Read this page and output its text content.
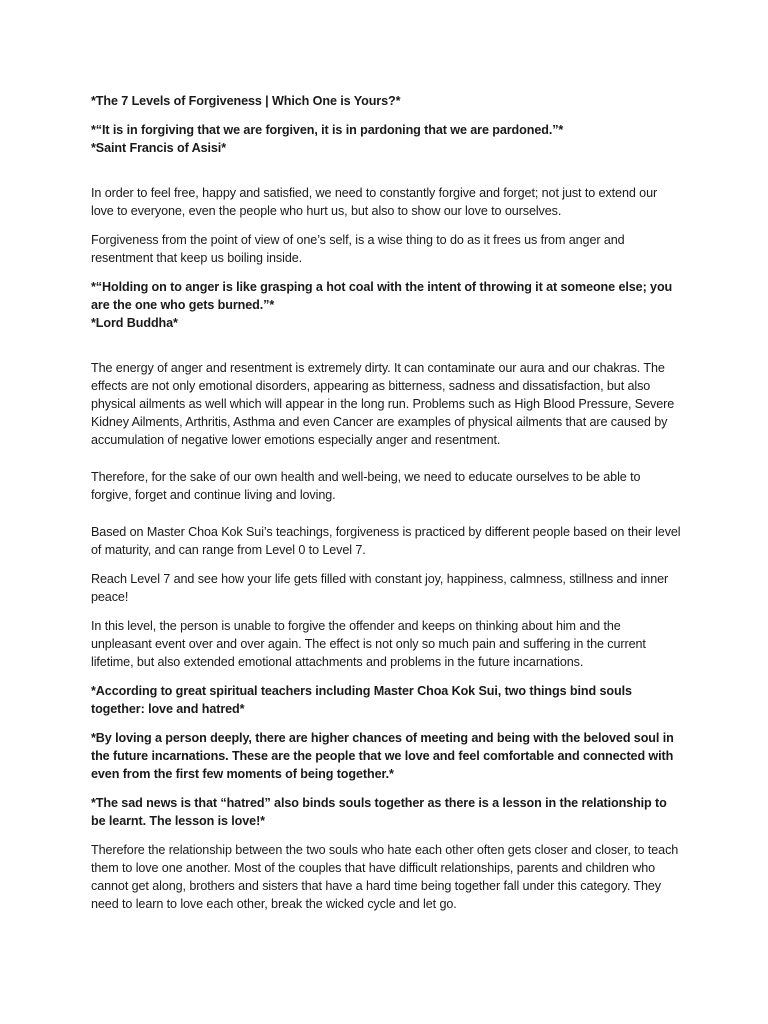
*The 7 Levels of Forgiveness | Which One is Yours?*

*“It is in forgiving that we are forgiven, it is in pardoning that we are pardoned.”*
*Saint Francis of Asisi*

In order to feel free, happy and satisfied, we need to constantly forgive and forget; not just to extend our love to everyone, even the people who hurt us, but also to show our love to ourselves.

Forgiveness from the point of view of one’s self, is a wise thing to do as it frees us from anger and resentment that keep us boiling inside.

*“Holding on to anger is like grasping a hot coal with the intent of throwing it at someone else; you are the one who gets burned.”*
*Lord Buddha*

The energy of anger and resentment is extremely dirty. It can contaminate our aura and our chakras. The effects are not only emotional disorders, appearing as bitterness, sadness and dissatisfaction, but also physical ailments as well which will appear in the long run. Problems such as High Blood Pressure, Severe Kidney Ailments, Arthritis, Asthma and even Cancer are examples of physical ailments that are caused by accumulation of negative lower emotions especially anger and resentment.

Therefore, for the sake of our own health and well-being, we need to educate ourselves to be able to forgive, forget and continue living and loving.

Based on Master Choa Kok Sui’s teachings, forgiveness is practiced by different people based on their level of maturity, and can range from Level 0 to Level 7.

Reach Level 7 and see how your life gets filled with constant joy, happiness, calmness, stillness and inner peace!

In this level, the person is unable to forgive the offender and keeps on thinking about him and the unpleasant event over and over again. The effect is not only so much pain and suffering in the current lifetime, but also extended emotional attachments and problems in the future incarnations.

*According to great spiritual teachers including Master Choa Kok Sui, two things bind souls together: love and hatred*

*By loving a person deeply, there are higher chances of meeting and being with the beloved soul in the future incarnations. These are the people that we love and feel comfortable and connected with even from the first few moments of being together.*

*The sad news is that “hatred” also binds souls together as there is a lesson in the relationship to be learnt. The lesson is love!*

Therefore the relationship between the two souls who hate each other often gets closer and closer, to teach them to love one another. Most of the couples that have difficult relationships, parents and children who cannot get along, brothers and sisters that have a hard time being together fall under this category. They need to learn to love each other, break the wicked cycle and let go.
